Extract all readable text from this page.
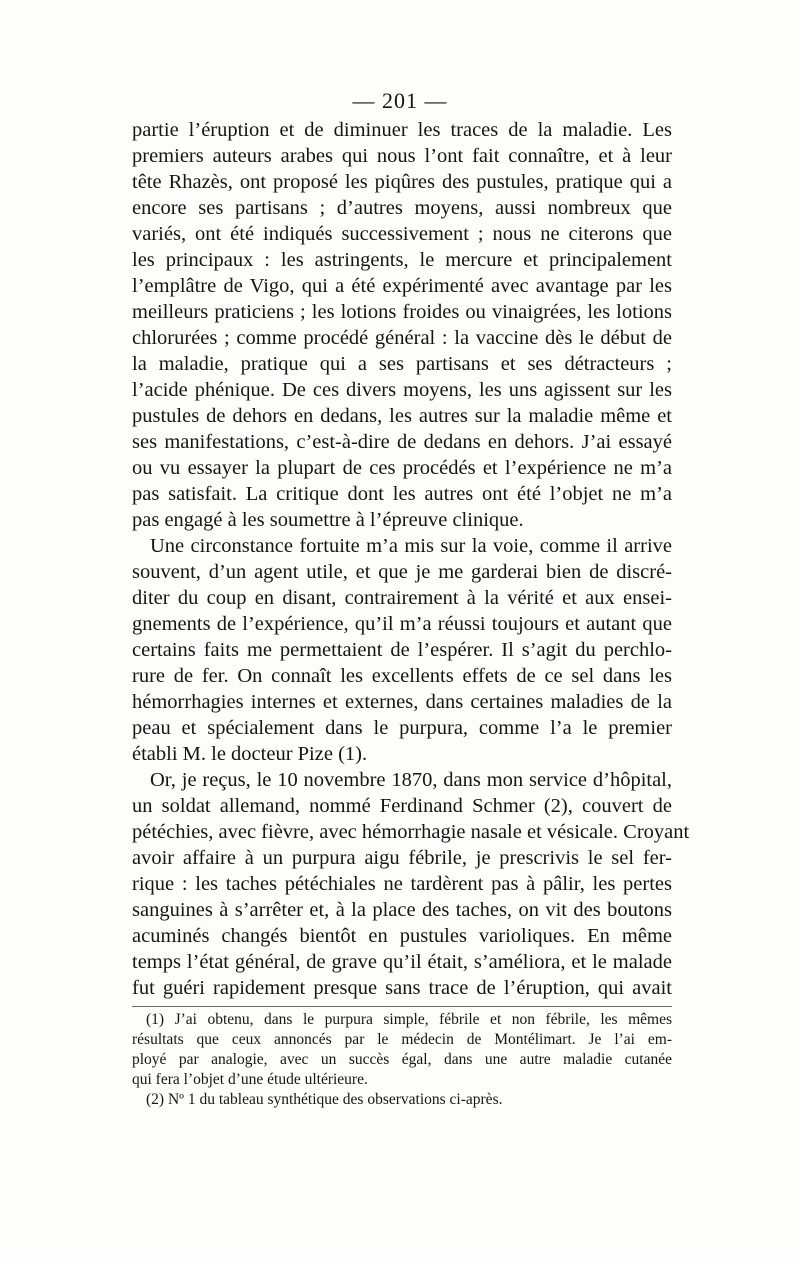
— 201 —
partie l’éruption et de diminuer les traces de la maladie. Les
premiers auteurs arabes qui nous l’ont fait connaître, et à leur
tête Rhazès, ont proposé les piqûres des pustules, pratique qui a
encore ses partisans ; d’autres moyens, aussi nombreux que
variés, ont été indiqués successivement ; nous ne citerons que
les principaux : les astringents, le mercure et principalement
l’emplâtre de Vigo, qui a été expérimenté avec avantage par les
meilleurs praticiens ; les lotions froides ou vinaigrées, les lotions
chlorurées ; comme procédé général : la vaccine dès le début de
la maladie, pratique qui a ses partisans et ses détracteurs ;
l’acide phénique. De ces divers moyens, les uns agissent sur les
pustules de dehors en dedans, les autres sur la maladie même et
ses manifestations, c’est-à-dire de dedans en dehors. J’ai essayé
ou vu essayer la plupart de ces procédés et l’expérience ne m’a
pas satisfait. La critique dont les autres ont été l’objet ne m’a
pas engagé à les soumettre à l’épreuve clinique.
Une circonstance fortuite m’a mis sur la voie, comme il arrive
souvent, d’un agent utile, et que je me garderai bien de discré-
diter du coup en disant, contrairement à la vérité et aux ensei-
gnements de l’expérience, qu’il m’a réussi toujours et autant que
certains faits me permettaient de l’espérer. Il s’agit du perchlo-
rure de fer. On connaît les excellents effets de ce sel dans les
hémorrhagies internes et externes, dans certaines maladies de la
peau et spécialement dans le purpura, comme l’a le premier
établi M. le docteur Pize (1).
Or, je reçus, le 10 novembre 1870, dans mon service d’hôpital,
un soldat allemand, nommé Ferdinand Schmer (2), couvert de
pétéchies, avec fièvre, avec hémorrhagie nasale et vésicale. Croyant
avoir affaire à un purpura aigu fébrile, je prescrivis le sel fer-
rique : les taches pétéchiales ne tardèrent pas à pâlir, les pertes
sanguines à s’arrêter et, à la place des taches, on vit des boutons
acuminés changés bientôt en pustules varioliques. En même
temps l’état général, de grave qu’il était, s’améliora, et le malade
fut guéri rapidement presque sans trace de l’éruption, qui avait
(1) J’ai obtenu, dans le purpura simple, fébrile et non fébrile, les mêmes
résultats que ceux annoncés par le médecin de Montélimart. Je l’ai em-
ployé par analogie, avec un succès égal, dans une autre maladie cutanée
qui fera l’objet d’une étude ultérieure.
(2) Nº 1 du tableau synthétique des observations ci-après.
